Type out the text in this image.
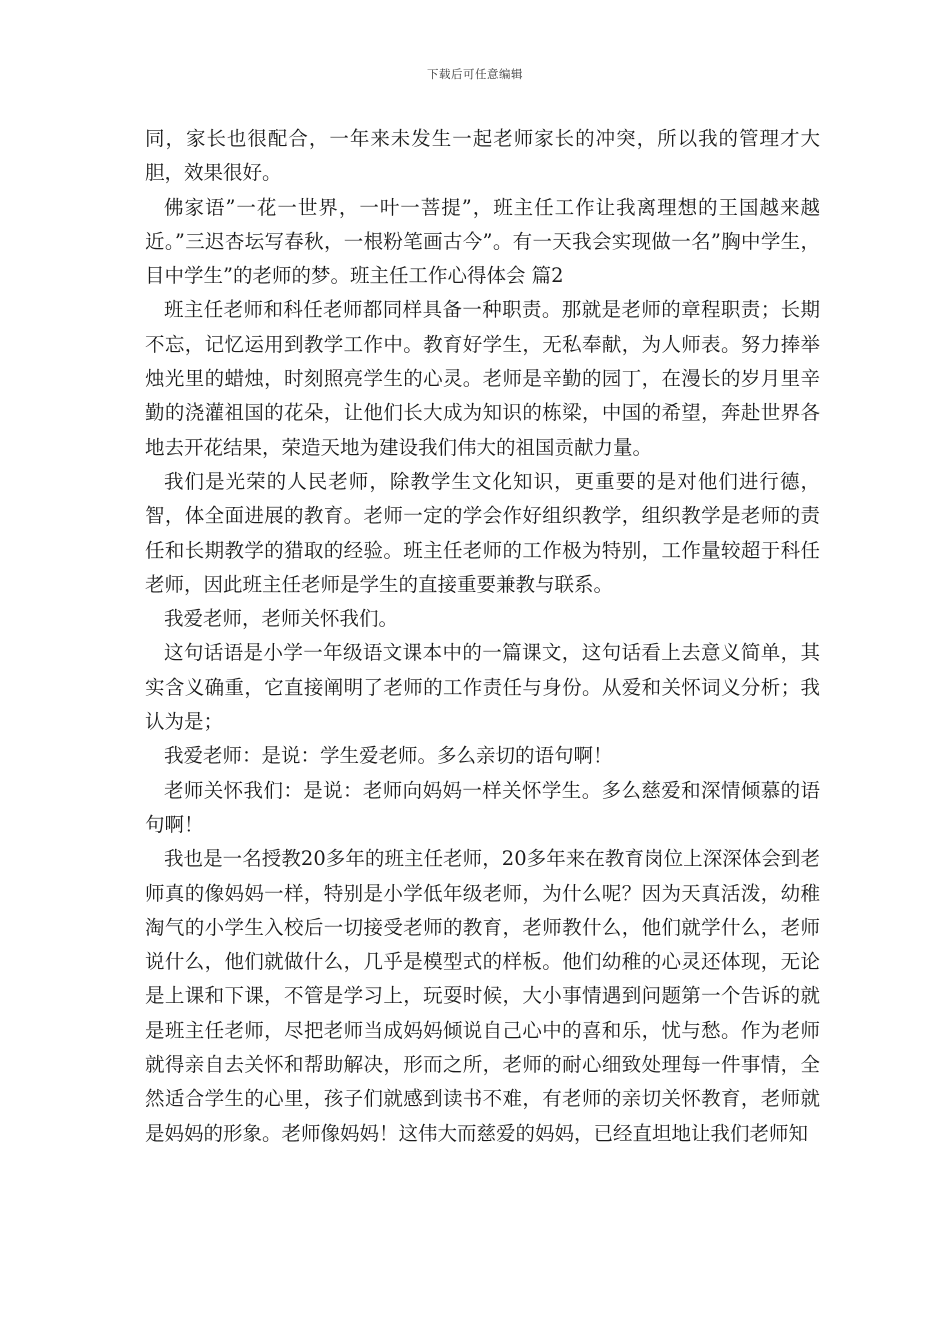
下载后可任意编辑

同，家长也很配合，一年来未发生一起老师家长的冲突，所以我的管理才大胆，效果很好。

佛家语”一花一世界，一叶一菩提”，班主任工作让我离理想的王国越来越近。”三迟杏坛写春秋，一根粉笔画古今”。有一天我会实现做一名”胸中学生，目中学生”的老师的梦。班主任工作心得体会 篇2

班主任老师和科任老师都同样具备一种职责。那就是老师的章程职责；长期不忘，记忆运用到教学工作中。教育好学生，无私奉献，为人师表。努力捧举烛光里的蜡烛，时刻照亮学生的心灵。老师是辛勤的园丁，在漫长的岁月里辛勤的浇灌祖国的花朵，让他们长大成为知识的栋梁，中国的希望，奔赴世界各地去开花结果，荣造天地为建设我们伟大的祖国贡献力量。

我们是光荣的人民老师，除教学生文化知识，更重要的是对他们进行德，智，体全面进展的教育。老师一定的学会作好组织教学，组织教学是老师的责任和长期教学的猎取的经验。班主任老师的工作极为特别，工作量较超于科任老师，因此班主任老师是学生的直接重要兼教与联系。

我爱老师，老师关怀我们。

这句话语是小学一年级语文课本中的一篇课文，这句话看上去意义简单，其实含义确重，它直接阐明了老师的工作责任与身份。从爱和关怀词义分析；我认为是；

我爱老师：是说：学生爱老师。多么亲切的语句啊！

老师关怀我们：是说：老师向妈妈一样关怀学生。多么慈爱和深情倾慕的语句啊！

我也是一名授教20多年的班主任老师，20多年来在教育岗位上深深体会到老师真的像妈妈一样，特别是小学低年级老师，为什么呢？因为天真活泼，幼稚淘气的小学生入校后一切接受老师的教育，老师教什么，他们就学什么，老师说什么，他们就做什么，几乎是模型式的样板。他们幼稚的心灵还体现，无论是上课和下课，不管是学习上，玩耍时候，大小事情遇到问题第一个告诉的就是班主任老师，尽把老师当成妈妈倾说自己心中的喜和乐，忧与愁。作为老师就得亲自去关怀和帮助解决，形而之所，老师的耐心细致处理每一件事情，全然适合学生的心里，孩子们就感到读书不难，有老师的亲切关怀教育，老师就是妈妈的形象。老师像妈妈！这伟大而慈爱的妈妈，已经直坦地让我们老师知
